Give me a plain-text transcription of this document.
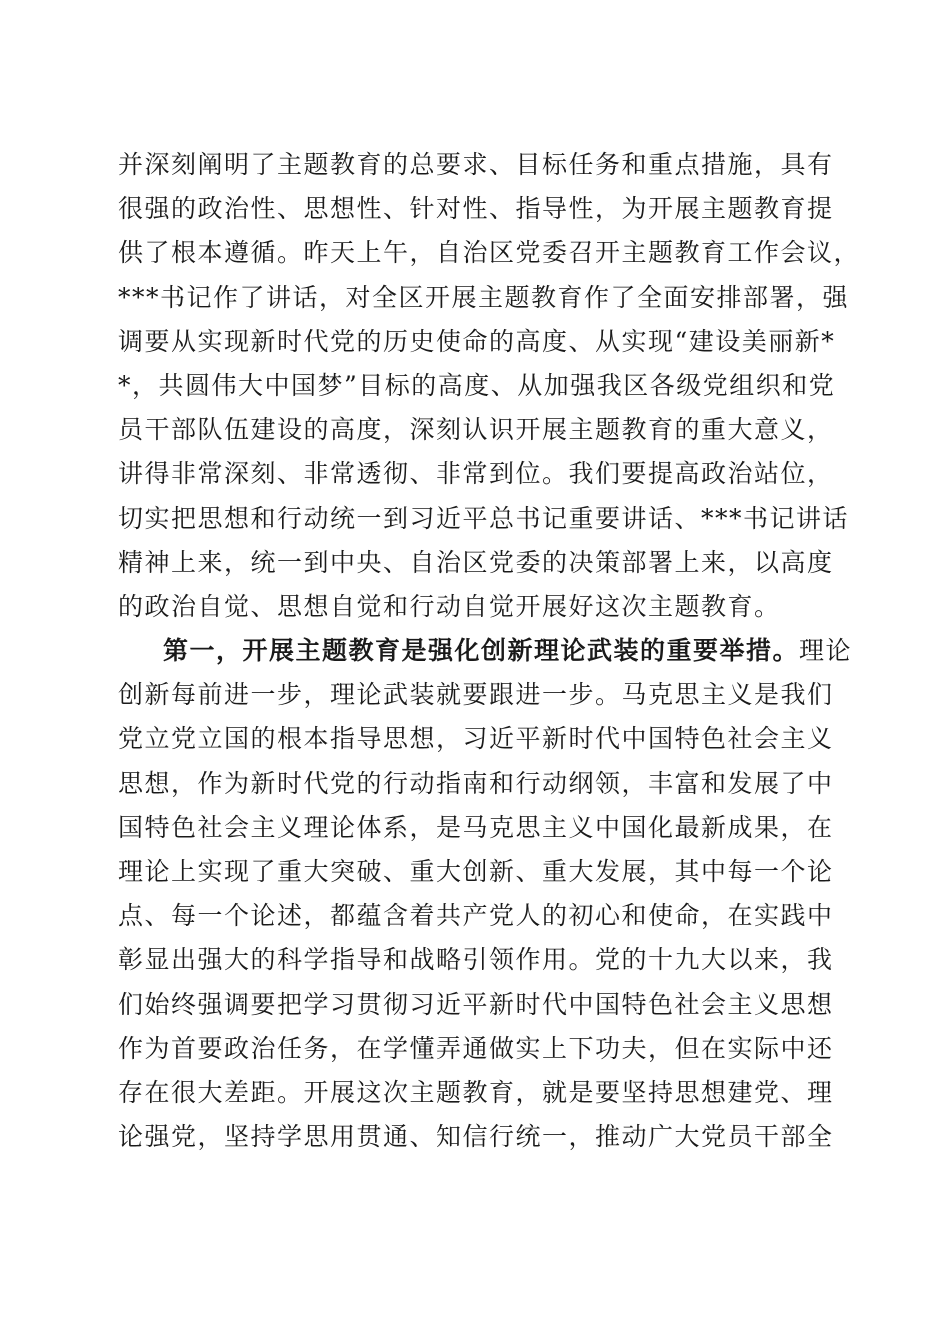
并深刻阐明了主题教育的总要求、目标任务和重点措施，具有
很强的政治性、思想性、针对性、指导性，为开展主题教育提
供了根本遵循。昨天上午，自治区党委召开主题教育工作会议，
***书记作了讲话，对全区开展主题教育作了全面安排部署，强
调要从实现新时代党的历史使命的高度、从实现“建设美丽新*
*，共圆伟大中国梦”目标的高度、从加强我区各级党组织和党
员干部队伍建设的高度，深刻认识开展主题教育的重大意义，
讲得非常深刻、非常透彻、非常到位。我们要提高政治站位，
切实把思想和行动统一到习近平总书记重要讲话、***书记讲话
精神上来，统一到中央、自治区党委的决策部署上来，以高度
的政治自觉、思想自觉和行动自觉开展好这次主题教育。
第一，开展主题教育是强化创新理论武装的重要举措。理论
创新每前进一步，理论武装就要跟进一步。马克思主义是我们
党立党立国的根本指导思想，习近平新时代中国特色社会主义
思想，作为新时代党的行动指南和行动纲领，丰富和发展了中
国特色社会主义理论体系，是马克思主义中国化最新成果，在
理论上实现了重大突破、重大创新、重大发展，其中每一个论
点、每一个论述，都蕴含着共产党人的初心和使命，在实践中
彰显出强大的科学指导和战略引领作用。党的十九大以来，我
们始终强调要把学习贯彻习近平新时代中国特色社会主义思想
作为首要政治任务，在学懂弄通做实上下功夫，但在实际中还
存在很大差距。开展这次主题教育，就是要坚持思想建党、理
论强党，坚持学思用贯通、知信行统一，推动广大党员干部全
